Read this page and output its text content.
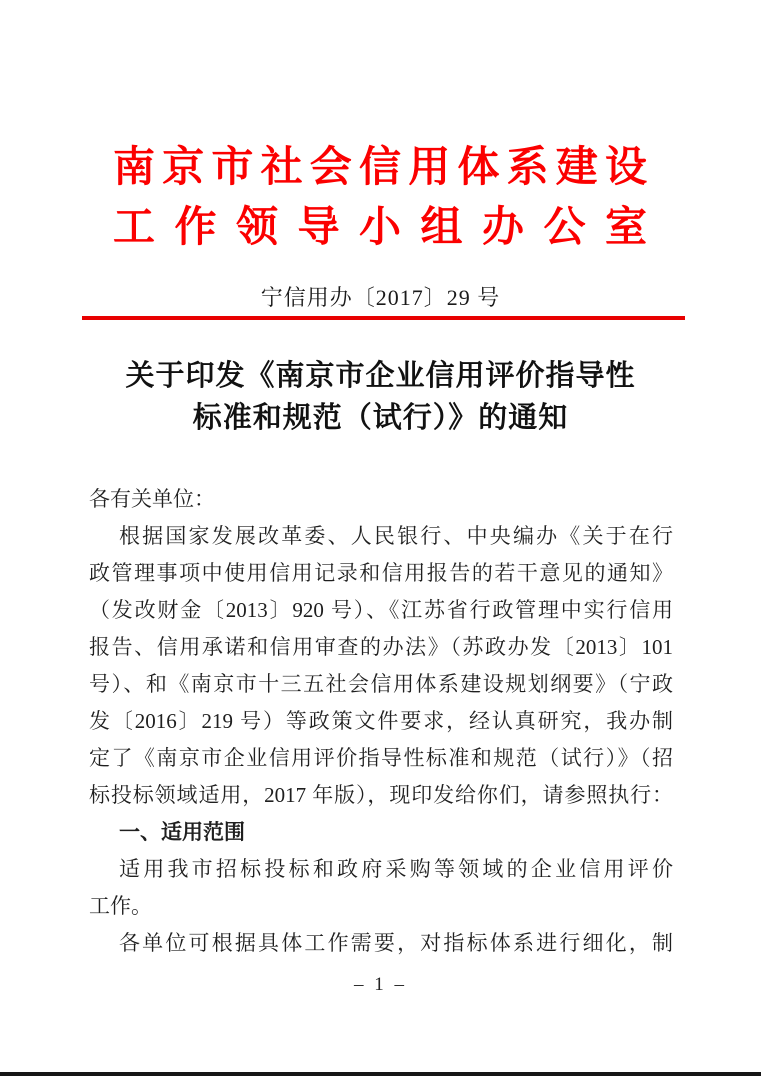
南京市社会信用体系建设
工作领导小组办公室
宁信用办〔2017〕29 号
关于印发《南京市企业信用评价指导性
标准和规范（试行）》的通知
各有关单位：
根据国家发展改革委、人民银行、中央编办《关于在行
政管理事项中使用信用记录和信用报告的若干意见的通知》
（发改财金〔2013〕920 号）、《江苏省行政管理中实行信用
报告、信用承诺和信用审查的办法》（苏政办发〔2013〕101
号）、和《南京市十三五社会信用体系建设规划纲要》（宁政
发〔2016〕219 号）等政策文件要求，经认真研究，我办制
定了《南京市企业信用评价指导性标准和规范（试行）》（招
标投标领域适用，2017 年版），现印发给你们，请参照执行：
一、适用范围
适用我市招标投标和政府采购等领域的企业信用评价
工作。
各单位可根据具体工作需要，对指标体系进行细化，制
– 1 –
